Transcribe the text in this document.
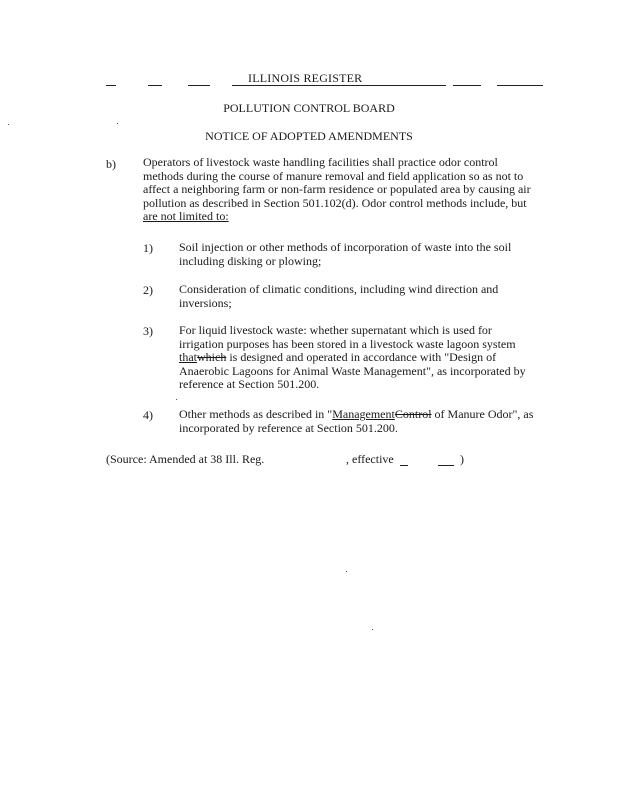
ILLINOIS REGISTER
POLLUTION CONTROL BOARD
NOTICE OF ADOPTED AMENDMENTS
b) Operators of livestock waste handling facilities shall practice odor control methods during the course of manure removal and field application so as not to affect a neighboring farm or non-farm residence or populated area by causing air pollution as described in Section 501.102(d). Odor control methods include, but are not limited to:
1) Soil injection or other methods of incorporation of waste into the soil including disking or plowing;
2) Consideration of climatic conditions, including wind direction and inversions;
3) For liquid livestock waste: whether supernatant which is used for irrigation purposes has been stored in a livestock waste lagoon system thatwhich is designed and operated in accordance with "Design of Anaerobic Lagoons for Animal Waste Management", as incorporated by reference at Section 501.200.
4) Other methods as described in "ManagementControl of Manure Odor", as incorporated by reference at Section 501.200.
(Source: Amended at 38 Ill. Reg.	, effective	)
